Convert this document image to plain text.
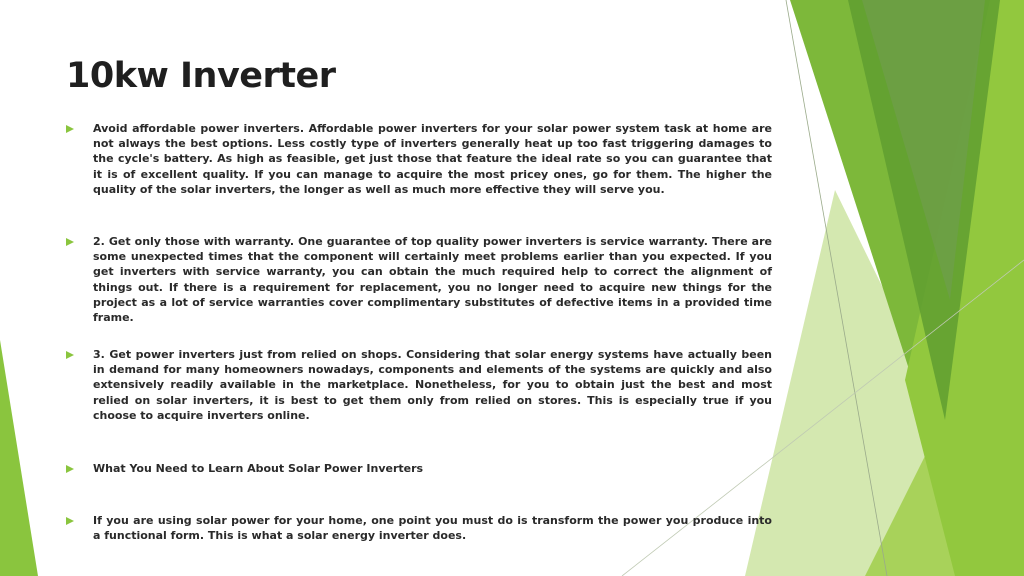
10kw Inverter

Avoid affordable power inverters. Affordable power inverters for your solar power system task at home are not always the best options. Less costly type of inverters generally heat up too fast triggering damages to the cycle's battery. As high as feasible, get just those that feature the ideal rate so you can guarantee that it is of excellent quality. If you can manage to acquire the most pricey ones, go for them. The higher the quality of the solar inverters, the longer as well as much more effective they will serve you.

2. Get only those with warranty. One guarantee of top quality power inverters is service warranty. There are some unexpected times that the component will certainly meet problems earlier than you expected. If you get inverters with service warranty, you can obtain the much required help to correct the alignment of things out. If there is a requirement for replacement, you no longer need to acquire new things for the project as a lot of service warranties cover complimentary substitutes of defective items in a provided time frame.

3. Get power inverters just from relied on shops. Considering that solar energy systems have actually been in demand for many homeowners nowadays, components and elements of the systems are quickly and also extensively readily available in the marketplace. Nonetheless, for you to obtain just the best and most relied on solar inverters, it is best to get them only from relied on stores. This is especially true if you choose to acquire inverters online.

What You Need to Learn About Solar Power Inverters

If you are using solar power for your home, one point you must do is transform the power you produce into a functional form. This is what a solar energy inverter does.
